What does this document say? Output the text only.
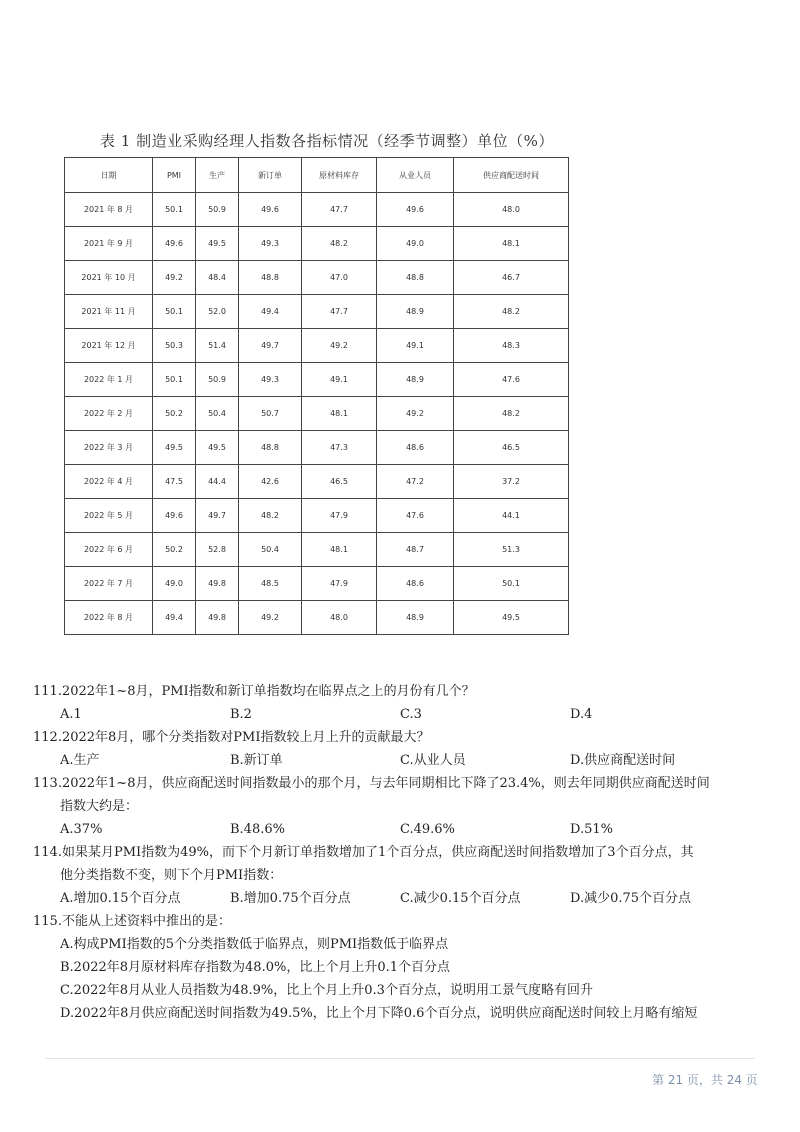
表 1 制造业采购经理人指数各指标情况（经季节调整）单位（%）
日期	PMI	生产	新订单	原材料库存	从业人员	供应商配送时间
2021 年 8 月	50.1	50.9	49.6	47.7	49.6	48.0
2021 年 9 月	49.6	49.5	49.3	48.2	49.0	48.1
2021 年 10 月	49.2	48.4	48.8	47.0	48.8	46.7
2021 年 11 月	50.1	52.0	49.4	47.7	48.9	48.2
2021 年 12 月	50.3	51.4	49.7	49.2	49.1	48.3
2022 年 1 月	50.1	50.9	49.3	49.1	48.9	47.6
2022 年 2 月	50.2	50.4	50.7	48.1	49.2	48.2
2022 年 3 月	49.5	49.5	48.8	47.3	48.6	46.5
2022 年 4 月	47.5	44.4	42.6	46.5	47.2	37.2
2022 年 5 月	49.6	49.7	48.2	47.9	47.6	44.1
2022 年 6 月	50.2	52.8	50.4	48.1	48.7	51.3
2022 年 7 月	49.0	49.8	48.5	47.9	48.6	50.1
2022 年 8 月	49.4	49.8	49.2	48.0	48.9	49.5

111.2022年1~8月，PMI指数和新订单指数均在临界点之上的月份有几个？

A.1	B.2	C.3	D.4

112.2022年8月，哪个分类指数对PMI指数较上月上升的贡献最大？

A.生产	B.新订单	C.从业人员	D.供应商配送时间

113.2022年1~8月，供应商配送时间指数最小的那个月，与去年同期相比下降了23.4%，则去年同期供应商配送时间

指数大约是：

A.37%	B.48.6%	C.49.6%	D.51%

114.如果某月PMI指数为49%，而下个月新订单指数增加了1个百分点，供应商配送时间指数增加了3个百分点，其

他分类指数不变，则下个月PMI指数：

A.增加0.15个百分点	B.增加0.75个百分点	C.减少0.15个百分点	D.减少0.75个百分点

115.不能从上述资料中推出的是：

A.构成PMI指数的5个分类指数低于临界点，则PMI指数低于临界点
B.2022年8月原材料库存指数为48.0%，比上个月上升0.1个百分点
C.2022年8月从业人员指数为48.9%，比上个月上升0.3个百分点，说明用工景气度略有回升
D.2022年8月供应商配送时间指数为49.5%，比上个月下降0.6个百分点，说明供应商配送时间较上月略有缩短
第 21 页，共 24 页
